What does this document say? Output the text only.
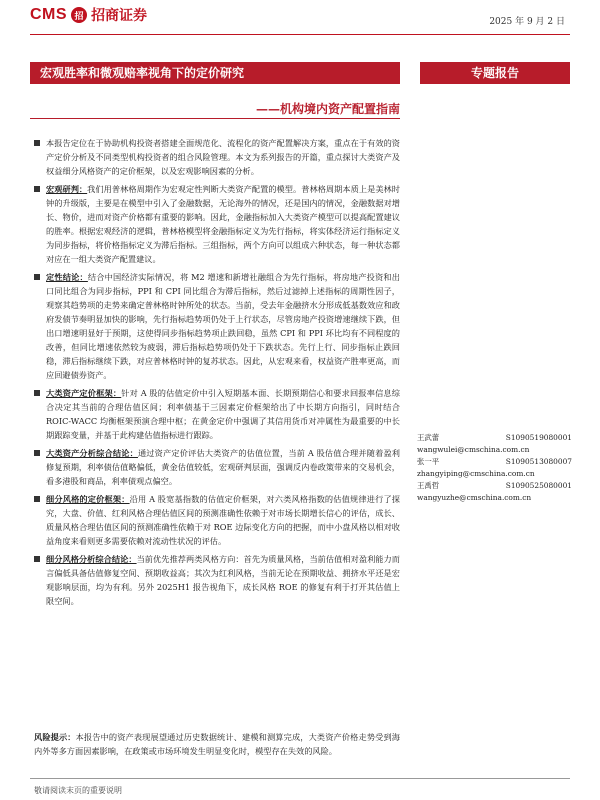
CMS 招 招商证券	2025 年 9 月 2 日
宏观胜率和微观赔率视角下的定价研究	专题报告
——机构境内资产配置指南
本报告定位在于协助机构投资者搭建全面规范化、流程化的资产配置解决方案，重点在于有效的资产定价分析及不同类型机构投资者的组合风险管理。本文为系列报告的开篇，重点探讨大类资产及权益细分风格资产的定价框架，以及宏观影响因素的分析。
宏观研判：我们用普林格周期作为宏观定性判断大类资产配置的模型。普林格周期本质上是美林时钟的升级版，主要是在模型中引入了金融数据，无论海外的情况，还是国内的情况，金融数据对增长、物价，进而对资产价格都有重要的影响。因此，金融指标加入大类资产模型可以提高配置建议的胜率。根据宏观经济的逻辑，普林格模型将金融指标定义为先行指标，将实体经济运行指标定义为同步指标，将价格指标定义为滞后指标。三组指标，两个方向可以组成六种状态，每一种状态都对应在一组大类资产配置建议。
定性结论：结合中国经济实际情况，将 M2 增速和新增社融组合为先行指标，将房地产投资和出口同比组合为同步指标，PPI 和 CPI 同比组合为滞后指标，然后过滤掉上述指标的周期性因子，观察其趋势项的走势来确定普林格时钟所处的状态。当前，受去年金融挤水分形成低基数效应和政府发债节奏明显加快的影响，先行指标趋势项仍处于上行状态，尽管房地产投资增速继续下跌，但出口增速明显好于预期，这使得同步指标趋势项止跌回稳，虽然 CPI 和 PPI 环比均有不同程度的改善，但同比增速依然较为疲弱，滞后指标趋势项仍处于下跌状态。先行上行、同步指标止跌回稳，滞后指标继续下跌，对应普林格时钟的复苏状态。因此，从宏观来看，权益资产胜率更高，而应回避债券资产。
大类资产定价框架：针对 A 股的估值定价中引入短期基本面、长期预期信心和要求回报率信息综合决定其当前的合理估值区间；利率债基于三因素定价框架给出了中长期方向指引，同时结合 ROIC-WACC 均衡框架预演合理中枢；在黄金定价中强调了其信用货币对冲属性为最重要的中长期跟踪变量，并基于此构建估值指标进行跟踪。
大类资产分析综合结论：通过资产定价评估大类资产的估值位置，当前 A 股估值合理并随着盈利修复预期，利率债估值略偏低，黄金估值较低，宏观研判层面，强调反内卷政策带来的交易机会，看多港股和商品，利率债观点偏空。
细分风格的定价框架：沿用 A 股宽基指数的估值定价框架，对六类风格指数的估值规律进行了探究，大盘、价值、红利风格合理估值区间的预测准确性依赖于对市场长期增长信心的评估，成长、质量风格合理估值区间的预测准确性依赖于对 ROE 边际变化方向的把握，而中小盘风格以相对收益角度来看则更多需要依赖对流动性状况的评估。
细分风格分析综合结论：当前优先推荐两类风格方向：首先为质量风格，当前估值相对盈利能力而言偏低具备估值修复空间、预期收益高；其次为红利风格，当前无论在预期收益、拥挤水平还是宏观影响层面，均为有利。另外 2025H1 报告视角下，成长风格 ROE 的修复有利于打开其估值上限空间。
风险提示：本报告中的资产表现展望通过历史数据统计、建模和测算完成，大类资产价格走势受到海内外等多方面因素影响，在政策或市场环境发生明显变化时，模型存在失效的风险。
王武蕾	S1090519080001
wangwulei@cmschina.com.cn
张一平	S1090513080007
zhangyiping@cmschina.com.cn
王禹哲	S1090525080001
wangyuzhe@cmschina.com.cn
敬请阅读末页的重要说明
